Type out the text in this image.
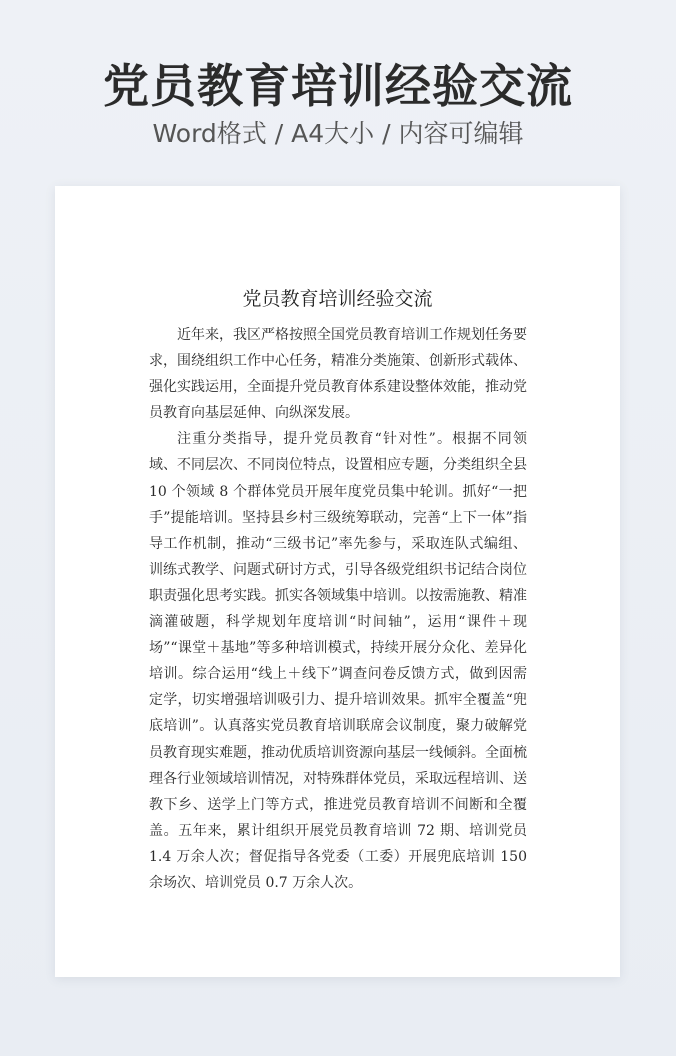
党员教育培训经验交流
Word格式 / A4大小 / 内容可编辑
党员教育培训经验交流

近年来，我区严格按照全国党员教育培训工作规划任务要求，围绕组织工作中心任务，精准分类施策、创新形式载体、强化实践运用，全面提升党员教育体系建设整体效能，推动党员教育向基层延伸、向纵深发展。

注重分类指导，提升党员教育“针对性”。根据不同领域、不同层次、不同岗位特点，设置相应专题，分类组织全县 10 个领域 8 个群体党员开展年度党员集中轮训。抓好“一把手”提能培训。坚持县乡村三级统筹联动，完善“上下一体”指导工作机制，推动“三级书记”率先参与，采取连队式编组、训练式教学、问题式研讨方式，引导各级党组织书记结合岗位职责强化思考实践。抓实各领域集中培训。以按需施教、精准滴灌破题，科学规划年度培训“时间轴”，运用“课件＋现场”“课堂＋基地”等多种培训模式，持续开展分众化、差异化培训。综合运用“线上＋线下”调查问卷反馈方式，做到因需定学，切实增强培训吸引力、提升培训效果。抓牢全覆盖“兜底培训”。认真落实党员教育培训联席会议制度，聚力破解党员教育现实难题，推动优质培训资源向基层一线倾斜。全面梳理各行业领域培训情况，对特殊群体党员，采取远程培训、送教下乡、送学上门等方式，推进党员教育培训不间断和全覆盖。五年来，累计组织开展党员教育培训 72 期、培训党员 1.4 万余人次；督促指导各党委（工委）开展兜底培训 150 余场次、培训党员 0.7 万余人次。
